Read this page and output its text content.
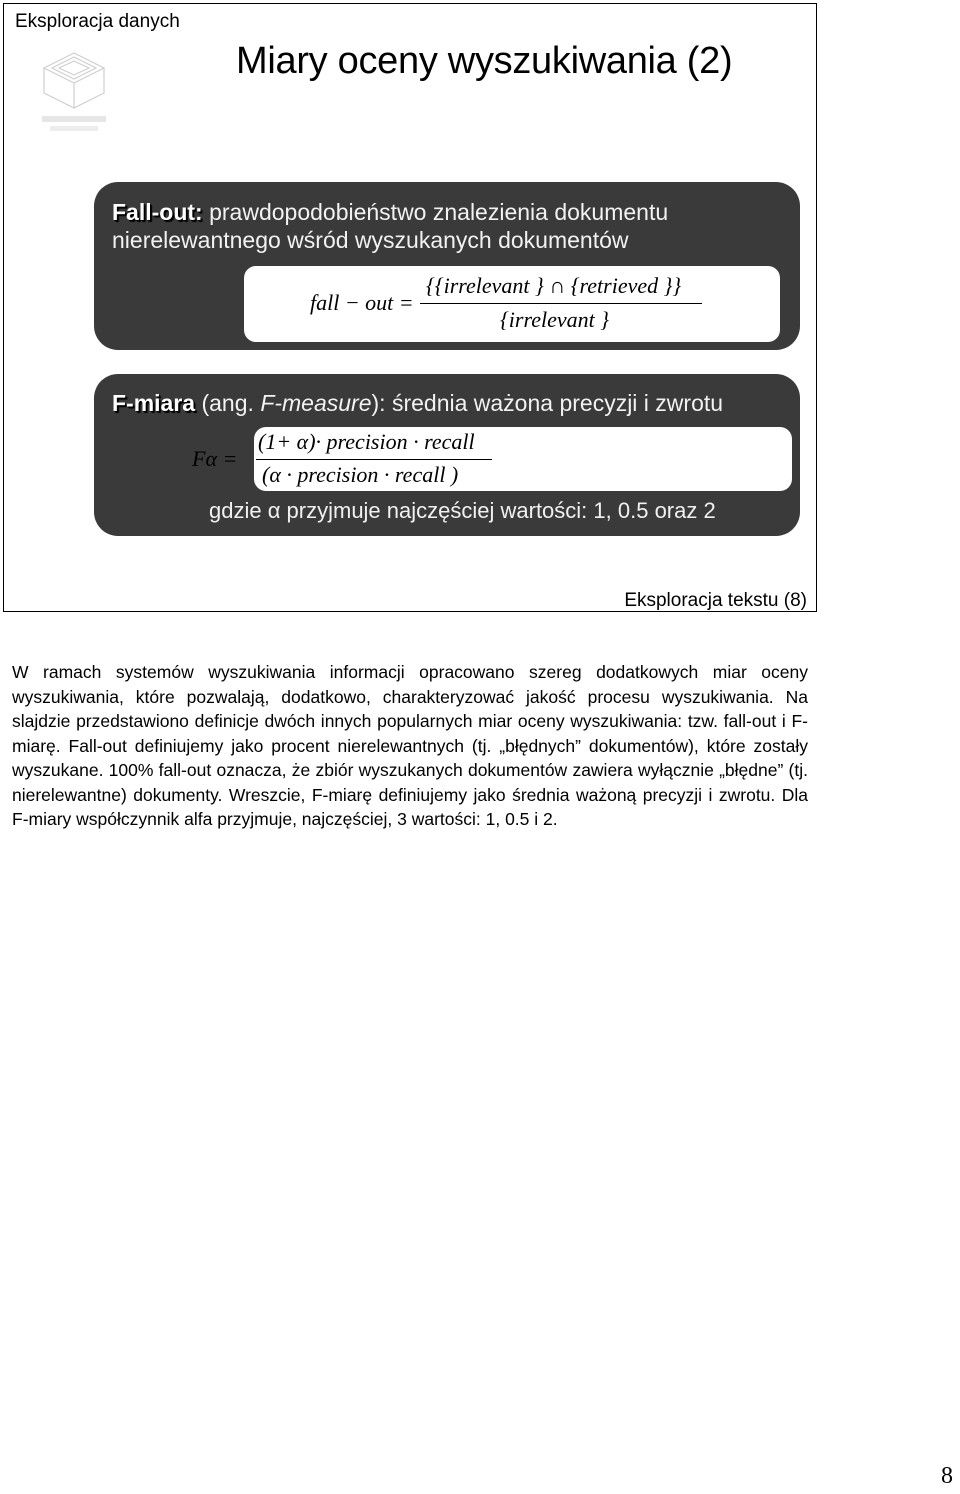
Eksploracja danych
Miary oceny wyszukiwania (2)
Fall-out: prawdopodobieństwo znalezienia dokumentu nierelewantnego wśród wyszukanych dokumentów
fall − out =
{{irrelevant } ∩ {retrieved }}
{irrelevant }
F-miara (ang. F-measure): średnia ważona precyzji i zwrotu
Fα =
(1+ α)· precision · recall
(α · precision · recall )
gdzie α przyjmuje najczęściej wartości: 1, 0.5 oraz 2
Eksploracja tekstu (8)
W ramach systemów wyszukiwania informacji opracowano szereg dodatkowych miar oceny wyszukiwania, które pozwalają, dodatkowo, charakteryzować jakość procesu wyszukiwania. Na slajdzie przedstawiono definicje dwóch innych popularnych miar oceny wyszukiwania: tzw. fall-out i F-miarę. Fall-out definiujemy jako procent nierelewantnych (tj. „błędnych” dokumentów), które zostały wyszukane. 100% fall-out oznacza, że zbiór wyszukanych dokumentów zawiera wyłącznie „błędne” (tj. nierelewantne) dokumenty. Wreszcie, F-miarę definiujemy jako średnia ważoną precyzji i zwrotu. Dla F-miary współczynnik alfa przyjmuje, najczęściej, 3 wartości: 1, 0.5 i 2.
8
